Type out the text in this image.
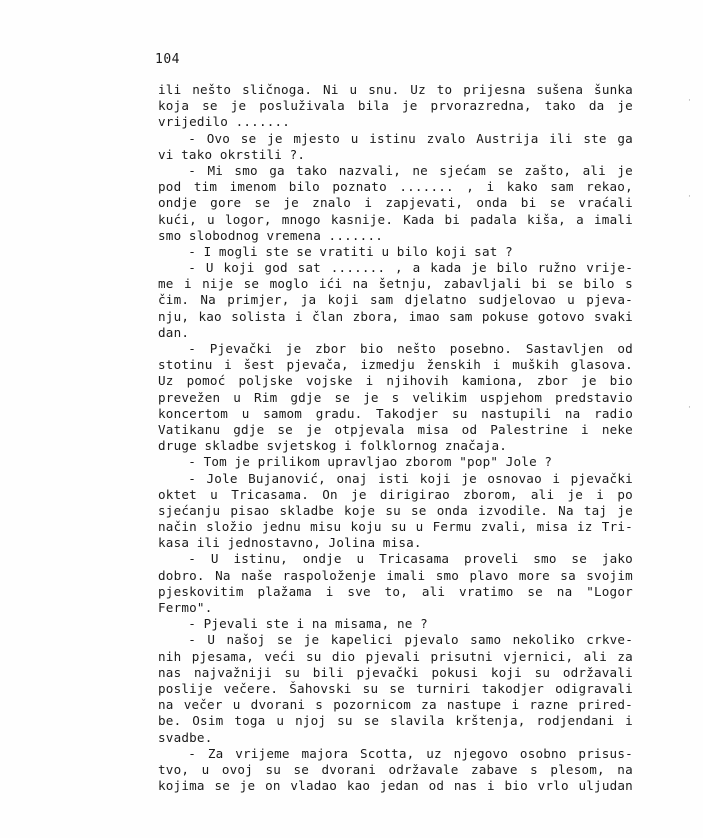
104
ili nešto sličnoga. Ni u snu. Uz to prijesna sušena šunka
koja se je posluživala bila je prvorazredna, tako da je
vrijedilo .......
- Ovo se je mjesto u istinu zvalo Austrija ili ste ga
vi tako okrstili ?.
- Mi smo ga tako nazvali, ne sjećam se zašto, ali je
pod tim imenom bilo poznato ....... , i kako sam rekao,
ondje gore se je znalo i zapjevati, onda bi se vraćali
kući, u logor, mnogo kasnije. Kada bi padala kiša, a imali
smo slobodnog vremena .......
- I mogli ste se vratiti u bilo koji sat ?
- U koji god sat ....... , a kada je bilo ružno vrije-
me i nije se moglo ići na šetnju, zabavljali bi se bilo s
čim. Na primjer, ja koji sam djelatno sudjelovao u pjeva-
nju, kao solista i član zbora, imao sam pokuse gotovo svaki
dan.
- Pjevački je zbor bio nešto posebno. Sastavljen od
stotinu i šest pjevača, izmedju ženskih i muških glasova.
Uz pomoć poljske vojske i njihovih kamiona, zbor je bio
prevežen u Rim gdje se je s velikim uspjehom predstavio
koncertom u samom gradu. Takodjer su nastupili na radio
Vatikanu gdje se je otpjevala misa od Palestrine i neke
druge skladbe svjetskog i folklornog značaja.
- Tom je prilikom upravljao zborom "pop" Jole ?
- Jole Bujanović, onaj isti koji je osnovao i pjevački
oktet u Tricasama. On je dirigirao zborom, ali je i po
sjećanju pisao skladbe koje su se onda izvodile. Na taj je
način složio jednu misu koju su u Fermu zvali, misa iz Tri-
kasa ili jednostavno, Jolina misa.
- U istinu, ondje u Tricasama proveli smo se jako
dobro. Na naše raspoloženje imali smo plavo more sa svojim
pjeskovitim plažama i sve to, ali vratimo se na "Logor
Fermo".
- Pjevali ste i na misama, ne ?
- U našoj se je kapelici pjevalo samo nekoliko crkve-
nih pjesama, veći su dio pjevali prisutni vjernici, ali za
nas najvažniji su bili pjevački pokusi koji su održavali
poslije večere. Šahovski su se turniri takodjer odigravali
na večer u dvorani s pozornicom za nastupe i razne prired-
be. Osim toga u njoj su se slavila krštenja, rodjendani i
svadbe.
- Za vrijeme majora Scotta, uz njegovo osobno prisus-
tvo, u ovoj su se dvorani održavale zabave s plesom, na
kojima se je on vladao kao jedan od nas i bio vrlo uljudan
·
·
·
